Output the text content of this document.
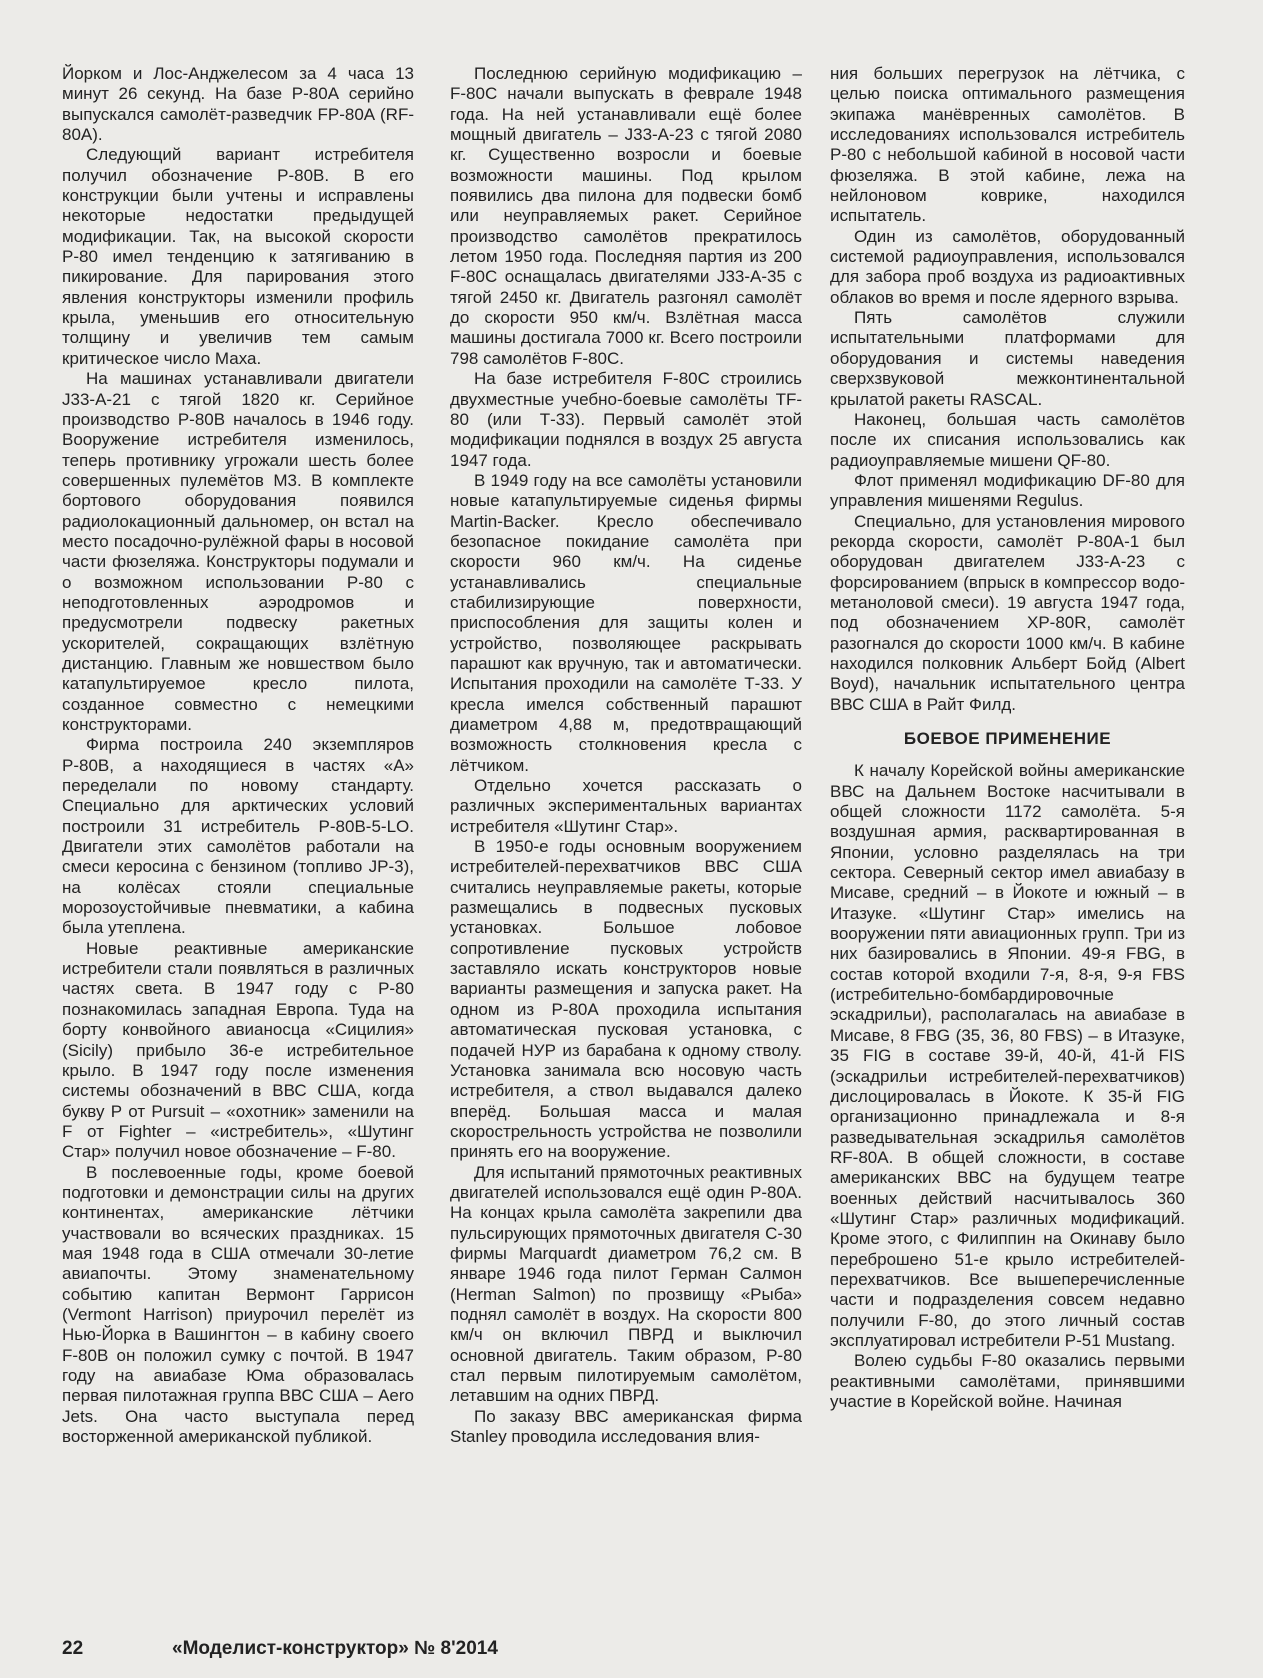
Йорком и Лос-Анджелесом за 4 часа 13 минут 26 секунд. На базе Р-80А серийно выпускался самолёт-разведчик FP-80A (RF-80A).

Следующий вариант истребителя получил обозначение Р-80В. В его конструкции были учтены и исправлены некоторые недостатки предыдущей модификации. Так, на высокой скорости Р-80 имел тенденцию к затягиванию в пикирование. Для парирования этого явления конструкторы изменили профиль крыла, уменьшив его относительную толщину и увеличив тем самым критическое число Маха.

На машинах устанавливали двигатели J33-A-21 с тягой 1820 кг. Серийное производство Р-80В началось в 1946 году. Вооружение истребителя изменилось, теперь противнику угрожали шесть более совершенных пулемётов М3. В комплекте бортового оборудования появился радиолокационный дальномер, он встал на место посадочно-рулёжной фары в носовой части фюзеляжа. Конструкторы подумали и о возможном использовании Р-80 с неподготовленных аэродромов и предусмотрели подвеску ракетных ускорителей, сокращающих взлётную дистанцию. Главным же новшеством было катапультируемое кресло пилота, созданное совместно с немецкими конструкторами.

Фирма построила 240 экземпляров Р-80В, а находящиеся в частях «А» переделали по новому стандарту. Специально для арктических условий построили 31 истребитель Р-80В-5-LO. Двигатели этих самолётов работали на смеси керосина с бензином (топливо JP-3), на колёсах стояли специальные морозоустойчивые пневматики, а кабина была утеплена.

Новые реактивные американские истребители стали появляться в различных частях света. В 1947 году с Р-80 познакомилась западная Европа. Туда на борту конвойного авианосца «Сицилия» (Sicily) прибыло 36-е истребительное крыло. В 1947 году после изменения системы обозначений в ВВС США, когда букву Р от Pursuit – «охотник» заменили на F от Fighter – «истребитель», «Шутинг Стар» получил новое обозначение – F-80.

В послевоенные годы, кроме боевой подготовки и демонстрации силы на других континентах, американские лётчики участвовали во всяческих праздниках. 15 мая 1948 года в США отмечали 30-летие авиапочты. Этому знаменательному событию капитан Вермонт Гаррисон (Vermont Harrison) приурочил перелёт из Нью-Йорка в Вашингтон – в кабину своего F-80В он положил сумку с почтой. В 1947 году на авиабазе Юма образовалась первая пилотажная группа ВВС США – Aero Jets. Она часто выступала перед восторженной американской публикой.

Последнюю серийную модификацию – F-80С начали выпускать в феврале 1948 года. На ней устанавливали ещё более мощный двигатель – J33-A-23 с тягой 2080 кг. Существенно возросли и боевые возможности машины. Под крылом появились два пилона для подвески бомб или неуправляемых ракет. Серийное производство самолётов прекратилось летом 1950 года. Последняя партия из 200 F-80C оснащалась двигателями J33-A-35 с тягой 2450 кг. Двигатель разгонял самолёт до скорости 950 км/ч. Взлётная масса машины достигала 7000 кг. Всего построили 798 самолётов F-80C.

На базе истребителя F-80С строились двухместные учебно-боевые самолёты TF-80 (или Т-33). Первый самолёт этой модификации поднялся в воздух 25 августа 1947 года.

В 1949 году на все самолёты установили новые катапультируемые сиденья фирмы Martin-Backer. Кресло обеспечивало безопасное покидание самолёта при скорости 960 км/ч. На сиденье устанавливались специальные стабилизирующие поверхности, приспособления для защиты колен и устройство, позволяющее раскрывать парашют как вручную, так и автоматически. Испытания проходили на самолёте Т-33. У кресла имелся собственный парашют диаметром 4,88 м, предотвращающий возможность столкновения кресла с лётчиком.

Отдельно хочется рассказать о различных экспериментальных вариантах истребителя «Шутинг Стар».

В 1950-е годы основным вооружением истребителей-перехватчиков ВВС США считались неуправляемые ракеты, которые размещались в подвесных пусковых установках. Большое лобовое сопротивление пусковых устройств заставляло искать конструкторов новые варианты размещения и запуска ракет. На одном из Р-80А проходила испытания автоматическая пусковая установка, с подачей НУР из барабана к одному стволу. Установка занимала всю носовую часть истребителя, а ствол выдавался далеко вперёд. Большая масса и малая скорострельность устройства не позволили принять его на вооружение.

Для испытаний прямоточных реактивных двигателей использовался ещё один Р-80А. На концах крыла самолёта закрепили два пульсирующих прямоточных двигателя С-30 фирмы Marquardt диаметром 76,2 см. В январе 1946 года пилот Герман Салмон (Herman Salmon) по прозвищу «Рыба» поднял самолёт в воздух. На скорости 800 км/ч он включил ПВРД и выключил основной двигатель. Таким образом, Р-80 стал первым пилотируемым самолётом, летавшим на одних ПВРД.

По заказу ВВС американская фирма Stanley проводила исследования влия-

ния больших перегрузок на лётчика, с целью поиска оптимального размещения экипажа манёвренных самолётов. В исследованиях использовался истребитель Р-80 с небольшой кабиной в носовой части фюзеляжа. В этой кабине, лежа на нейлоновом коврике, находился испытатель.

Один из самолётов, оборудованный системой радиоуправления, использовался для забора проб воздуха из радиоактивных облаков во время и после ядерного взрыва.

Пять самолётов служили испытательными платформами для оборудования и системы наведения сверхзвуковой межконтинентальной крылатой ракеты RASCAL.

Наконец, большая часть самолётов после их списания использовались как радиоуправляемые мишени QF-80.

Флот применял модификацию DF-80 для управления мишенями Regulus.

Специально, для установления мирового рекорда скорости, самолёт Р-80А-1 был оборудован двигателем J33-A-23 с форсированием (впрыск в компрессор водо- метаноловой смеси). 19 августа 1947 года, под обозначением XP-80R, самолёт разогнался до скорости 1000 км/ч. В кабине находился полковник Альберт Бойд (Albert Boyd), начальник испытательного центра ВВС США в Райт Филд.

БОЕВОЕ ПРИМЕНЕНИЕ

К началу Корейской войны американские ВВС на Дальнем Востоке насчитывали в общей сложности 1172 самолёта. 5-я воздушная армия, расквартированная в Японии, условно разделялась на три сектора. Северный сектор имел авиабазу в Мисаве, средний – в Йокоте и южный – в Итазуке. «Шутинг Стар» имелись на вооружении пяти авиационных групп. Три из них базировались в Японии. 49-я FBG, в состав которой входили 7-я, 8-я, 9-я FBS (истребительно-бомбардировочные эскадрильи), располагалась на авиабазе в Мисаве, 8 FBG (35, 36, 80 FBS) – в Итазуке, 35 FIG в составе 39-й, 40-й, 41-й FIS (эскадрильи истребителей-перехватчиков) дислоцировалась в Йокоте. К 35-й FIG организационно принадлежала и 8-я разведывательная эскадрилья самолётов RF-80A. В общей сложности, в составе американских ВВС на будущем театре военных действий насчитывалось 360 «Шутинг Стар» различных модификаций. Кроме этого, с Филиппин на Окинаву было переброшено 51-е крыло истребителей-перехватчиков. Все вышеперечисленные части и подразделения совсем недавно получили F-80, до этого личный состав эксплуатировал истребители Р-51 Mustang.

Волею судьбы F-80 оказались первыми реактивными самолётами, принявшими участие в Корейской войне. Начиная

22	«Моделист-конструктор» № 8'2014
